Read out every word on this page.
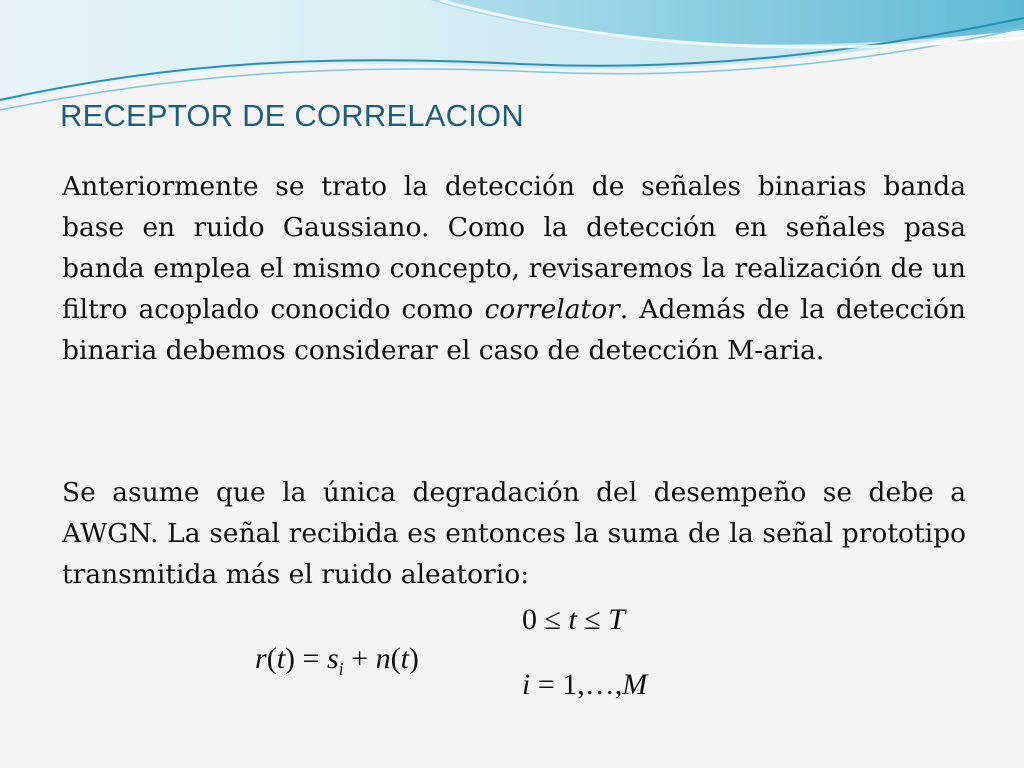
RECEPTOR DE CORRELACION

Anteriormente se trato la detección de señales binarias banda base en ruido Gaussiano. Como la detección en señales pasa banda emplea el mismo concepto, revisaremos la realización de un filtro acoplado conocido como correlator. Además de la detección binaria debemos considerar el caso de detección M-aria.

Se asume que la única degradación del desempeño se debe a AWGN. La señal recibida es entonces la suma de la señal prototipo transmitida más el ruido aleatorio:

0 ≤ t ≤ T
$r(t) = s_i + n(t)$
i = 1,…,M
